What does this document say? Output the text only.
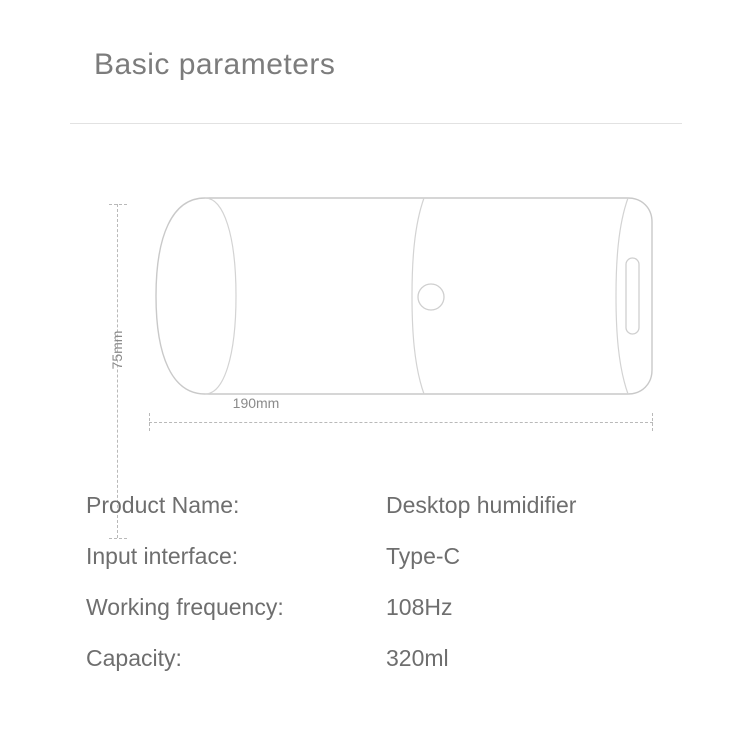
Basic parameters
75mm
190mm
Product Name:	Desktop humidifier
Input interface:	Type-C
Working frequency:	108Hz
Capacity:	320ml
